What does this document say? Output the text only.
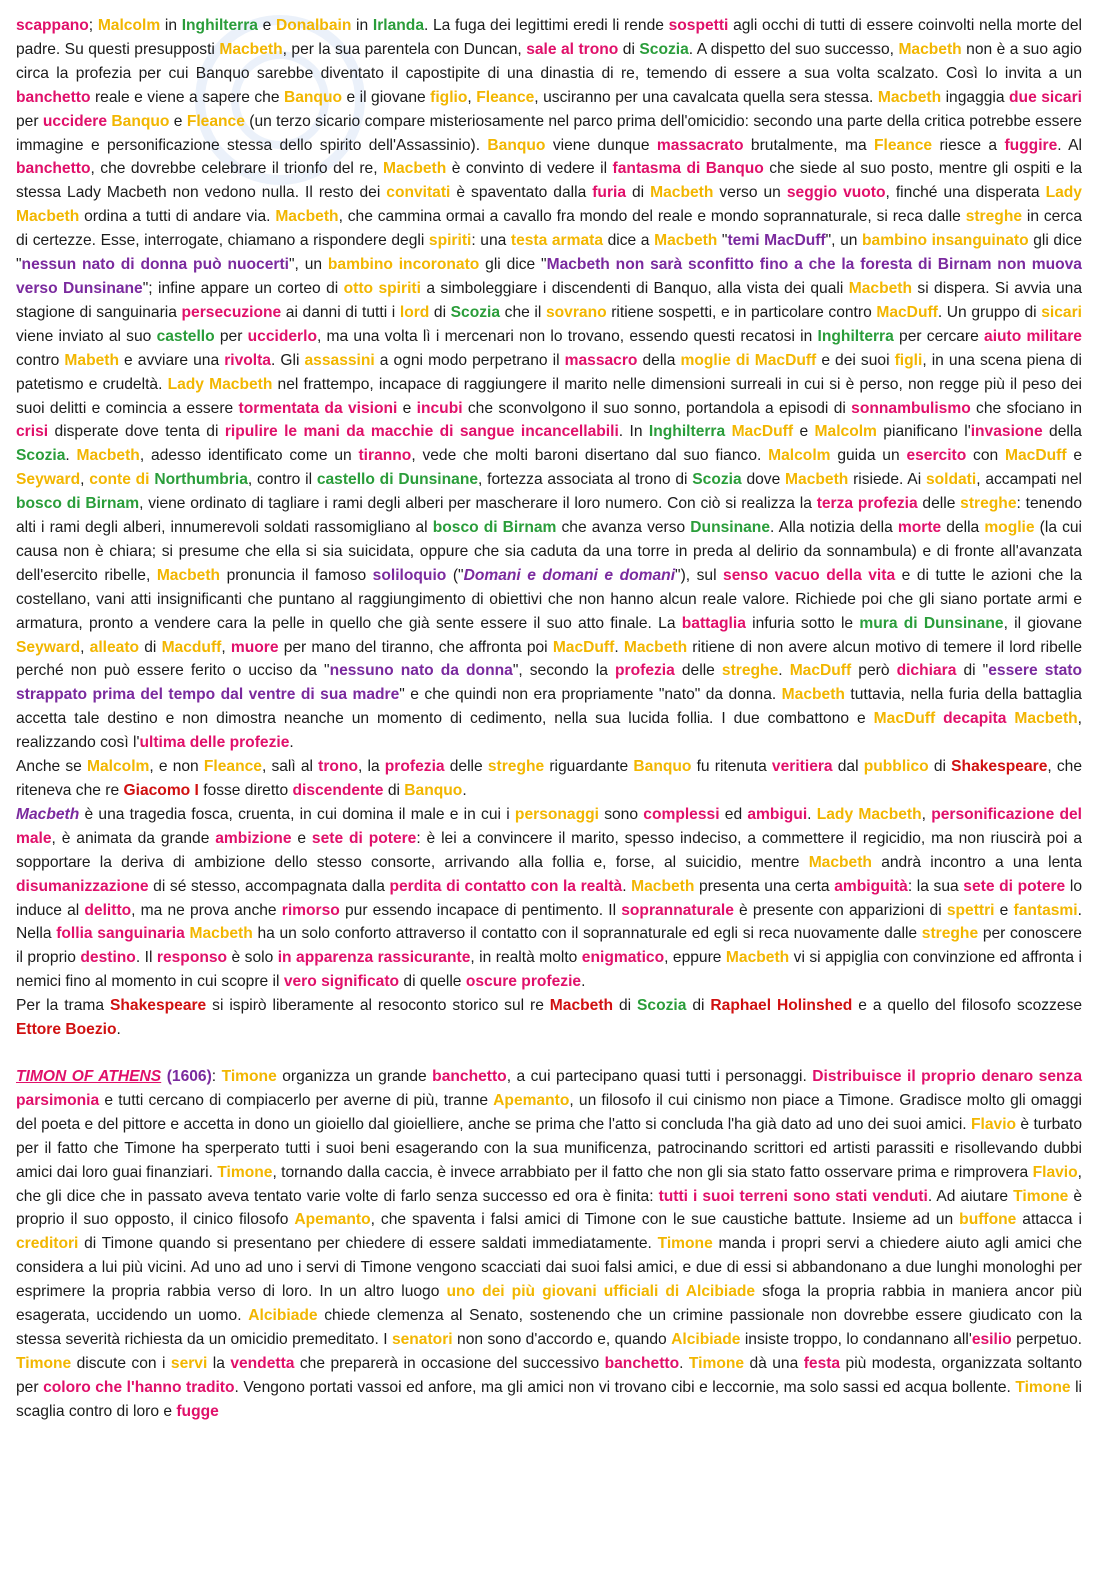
scappano; Malcolm in Inghilterra e Donalbain in Irlanda. La fuga dei legittimi eredi li rende sospetti agli occhi di tutti di essere coinvolti nella morte del padre. Su questi presupposti Macbeth, per la sua parentela con Duncan, sale al trono di Scozia. A dispetto del suo successo, Macbeth non è a suo agio circa la profezia per cui Banquo sarebbe diventato il capostipite di una dinastia di re, temendo di essere a sua volta scalzato. Così lo invita a un banchetto reale e viene a sapere che Banquo e il giovane figlio, Fleance, usciranno per una cavalcata quella sera stessa. Macbeth ingaggia due sicari per uccidere Banquo e Fleance (un terzo sicario compare misteriosamente nel parco prima dell'omicidio: secondo una parte della critica potrebbe essere immagine e personificazione stessa dello spirito dell'Assassinio). Banquo viene dunque massacrato brutalmente, ma Fleance riesce a fuggire. Al banchetto, che dovrebbe celebrare il trionfo del re, Macbeth è convinto di vedere il fantasma di Banquo che siede al suo posto, mentre gli ospiti e la stessa Lady Macbeth non vedono nulla. Il resto dei convitati è spaventato dalla furia di Macbeth verso un seggio vuoto, finché una disperata Lady Macbeth ordina a tutti di andare via. Macbeth, che cammina ormai a cavallo fra mondo del reale e mondo soprannaturale, si reca dalle streghe in cerca di certezze. Esse, interrogate, chiamano a rispondere degli spiriti: una testa armata dice a Macbeth "temi MacDuff", un bambino insanguinato gli dice "nessun nato di donna può nuocerti", un bambino incoronato gli dice "Macbeth non sarà sconfitto fino a che la foresta di Birnam non muova verso Dunsinane"; infine appare un corteo di otto spiriti a simboleggiare i discendenti di Banquo, alla vista dei quali Macbeth si dispera. Si avvia una stagione di sanguinaria persecuzione ai danni di tutti i lord di Scozia che il sovrano ritiene sospetti, e in particolare contro MacDuff. Un gruppo di sicari viene inviato al suo castello per ucciderlo, ma una volta lì i mercenari non lo trovano, essendo questi recatosi in Inghilterra per cercare aiuto militare contro Mabeth e avviare una rivolta. Gli assassini a ogni modo perpetrano il massacro della moglie di MacDuff e dei suoi figli, in una scena piena di patetismo e crudeltà. Lady Macbeth nel frattempo, incapace di raggiungere il marito nelle dimensioni surreali in cui si è perso, non regge più il peso dei suoi delitti e comincia a essere tormentata da visioni e incubi che sconvolgono il suo sonno, portandola a episodi di sonnambulismo che sfociano in crisi disperate dove tenta di ripulire le mani da macchie di sangue incancellabili. In Inghilterra MacDuff e Malcolm pianificano l'invasione della Scozia. Macbeth, adesso identificato come un tiranno, vede che molti baroni disertano dal suo fianco. Malcolm guida un esercito con MacDuff e Seyward, conte di Northumbria, contro il castello di Dunsinane, fortezza associata al trono di Scozia dove Macbeth risiede. Ai soldati, accampati nel bosco di Birnam, viene ordinato di tagliare i rami degli alberi per mascherare il loro numero. Con ciò si realizza la terza profezia delle streghe: tenendo alti i rami degli alberi, innumerevoli soldati rassomigliano al bosco di Birnam che avanza verso Dunsinane. Alla notizia della morte della moglie (la cui causa non è chiara; si presume che ella si sia suicidata, oppure che sia caduta da una torre in preda al delirio da sonnambula) e di fronte all'avanzata dell'esercito ribelle, Macbeth pronuncia il famoso soliloquio ("Domani e domani e domani"), sul senso vacuo della vita e di tutte le azioni che la costellano, vani atti insignificanti che puntano al raggiungimento di obiettivi che non hanno alcun reale valore. Richiede poi che gli siano portate armi e armatura, pronto a vendere cara la pelle in quello che già sente essere il suo atto finale. La battaglia infuria sotto le mura di Dunsinane, il giovane Seyward, alleato di Macduff, muore per mano del tiranno, che affronta poi MacDuff. Macbeth ritiene di non avere alcun motivo di temere il lord ribelle perché non può essere ferito o ucciso da "nessuno nato da donna", secondo la profezia delle streghe. MacDuff però dichiara di "essere stato strappato prima del tempo dal ventre di sua madre" e che quindi non era propriamente "nato" da donna. Macbeth tuttavia, nella furia della battaglia accetta tale destino e non dimostra neanche un momento di cedimento, nella sua lucida follia. I due combattono e MacDuff decapita Macbeth, realizzando così l'ultima delle profezie.

Anche se Malcolm, e non Fleance, salì al trono, la profezia delle streghe riguardante Banquo fu ritenuta veritiera dal pubblico di Shakespeare, che riteneva che re Giacomo I fosse diretto discendente di Banquo.

Macbeth è una tragedia fosca, cruenta, in cui domina il male e in cui i personaggi sono complessi ed ambigui. Lady Macbeth, personificazione del male, è animata da grande ambizione e sete di potere: è lei a convincere il marito, spesso indeciso, a commettere il regicidio, ma non riuscirà poi a sopportare la deriva di ambizione dello stesso consorte, arrivando alla follia e, forse, al suicidio, mentre Macbeth andrà incontro a una lenta disumanizzazione di sé stesso, accompagnata dalla perdita di contatto con la realtà. Macbeth presenta una certa ambiguità: la sua sete di potere lo induce al delitto, ma ne prova anche rimorso pur essendo incapace di pentimento. Il soprannaturale è presente con apparizioni di spettri e fantasmi. Nella follia sanguinaria Macbeth ha un solo conforto attraverso il contatto con il soprannaturale ed egli si reca nuovamente dalle streghe per conoscere il proprio destino. Il responso è solo in apparenza rassicurante, in realtà molto enigmatico, eppure Macbeth vi si appiglia con convinzione ed affronta i nemici fino al momento in cui scopre il vero significato di quelle oscure profezie.

Per la trama Shakespeare si ispirò liberamente al resoconto storico sul re Macbeth di Scozia di Raphael Holinshed e a quello del filosofo scozzese Ettore Boezio.

TIMON OF ATHENS (1606): Timone organizza un grande banchetto, a cui partecipano quasi tutti i personaggi. Distribuisce il proprio denaro senza parsimonia e tutti cercano di compiacerlo per averne di più, tranne Apemanto, un filosofo il cui cinismo non piace a Timone. Gradisce molto gli omaggi del poeta e del pittore e accetta in dono un gioiello dal gioielliere, anche se prima che l'atto si concluda l'ha già dato ad uno dei suoi amici. Flavio è turbato per il fatto che Timone ha sperperato tutti i suoi beni esagerando con la sua munificenza, patrocinando scrittori ed artisti parassiti e risollevando dubbi amici dai loro guai finanziari. Timone, tornando dalla caccia, è invece arrabbiato per il fatto che non gli sia stato fatto osservare prima e rimprovera Flavio, che gli dice che in passato aveva tentato varie volte di farlo senza successo ed ora è finita: tutti i suoi terreni sono stati venduti. Ad aiutare Timone è proprio il suo opposto, il cinico filosofo Apemanto, che spaventa i falsi amici di Timone con le sue caustiche battute. Insieme ad un buffone attacca i creditori di Timone quando si presentano per chiedere di essere saldati immediatamente. Timone manda i propri servi a chiedere aiuto agli amici che considera a lui più vicini. Ad uno ad uno i servi di Timone vengono scacciati dai suoi falsi amici, e due di essi si abbandonano a due lunghi monologhi per esprimere la propria rabbia verso di loro. In un altro luogo uno dei più giovani ufficiali di Alcibiade sfoga la propria rabbia in maniera ancor più esagerata, uccidendo un uomo. Alcibiade chiede clemenza al Senato, sostenendo che un crimine passionale non dovrebbe essere giudicato con la stessa severità richiesta da un omicidio premeditato. I senatori non sono d'accordo e, quando Alcibiade insiste troppo, lo condannano all'esilio perpetuo. Timone discute con i servi la vendetta che preparerà in occasione del successivo banchetto. Timone dà una festa più modesta, organizzata soltanto per coloro che l'hanno tradito. Vengono portati vassoi ed anfore, ma gli amici non vi trovano cibi e leccornie, ma solo sassi ed acqua bollente. Timone li scaglia contro di loro e fugge
